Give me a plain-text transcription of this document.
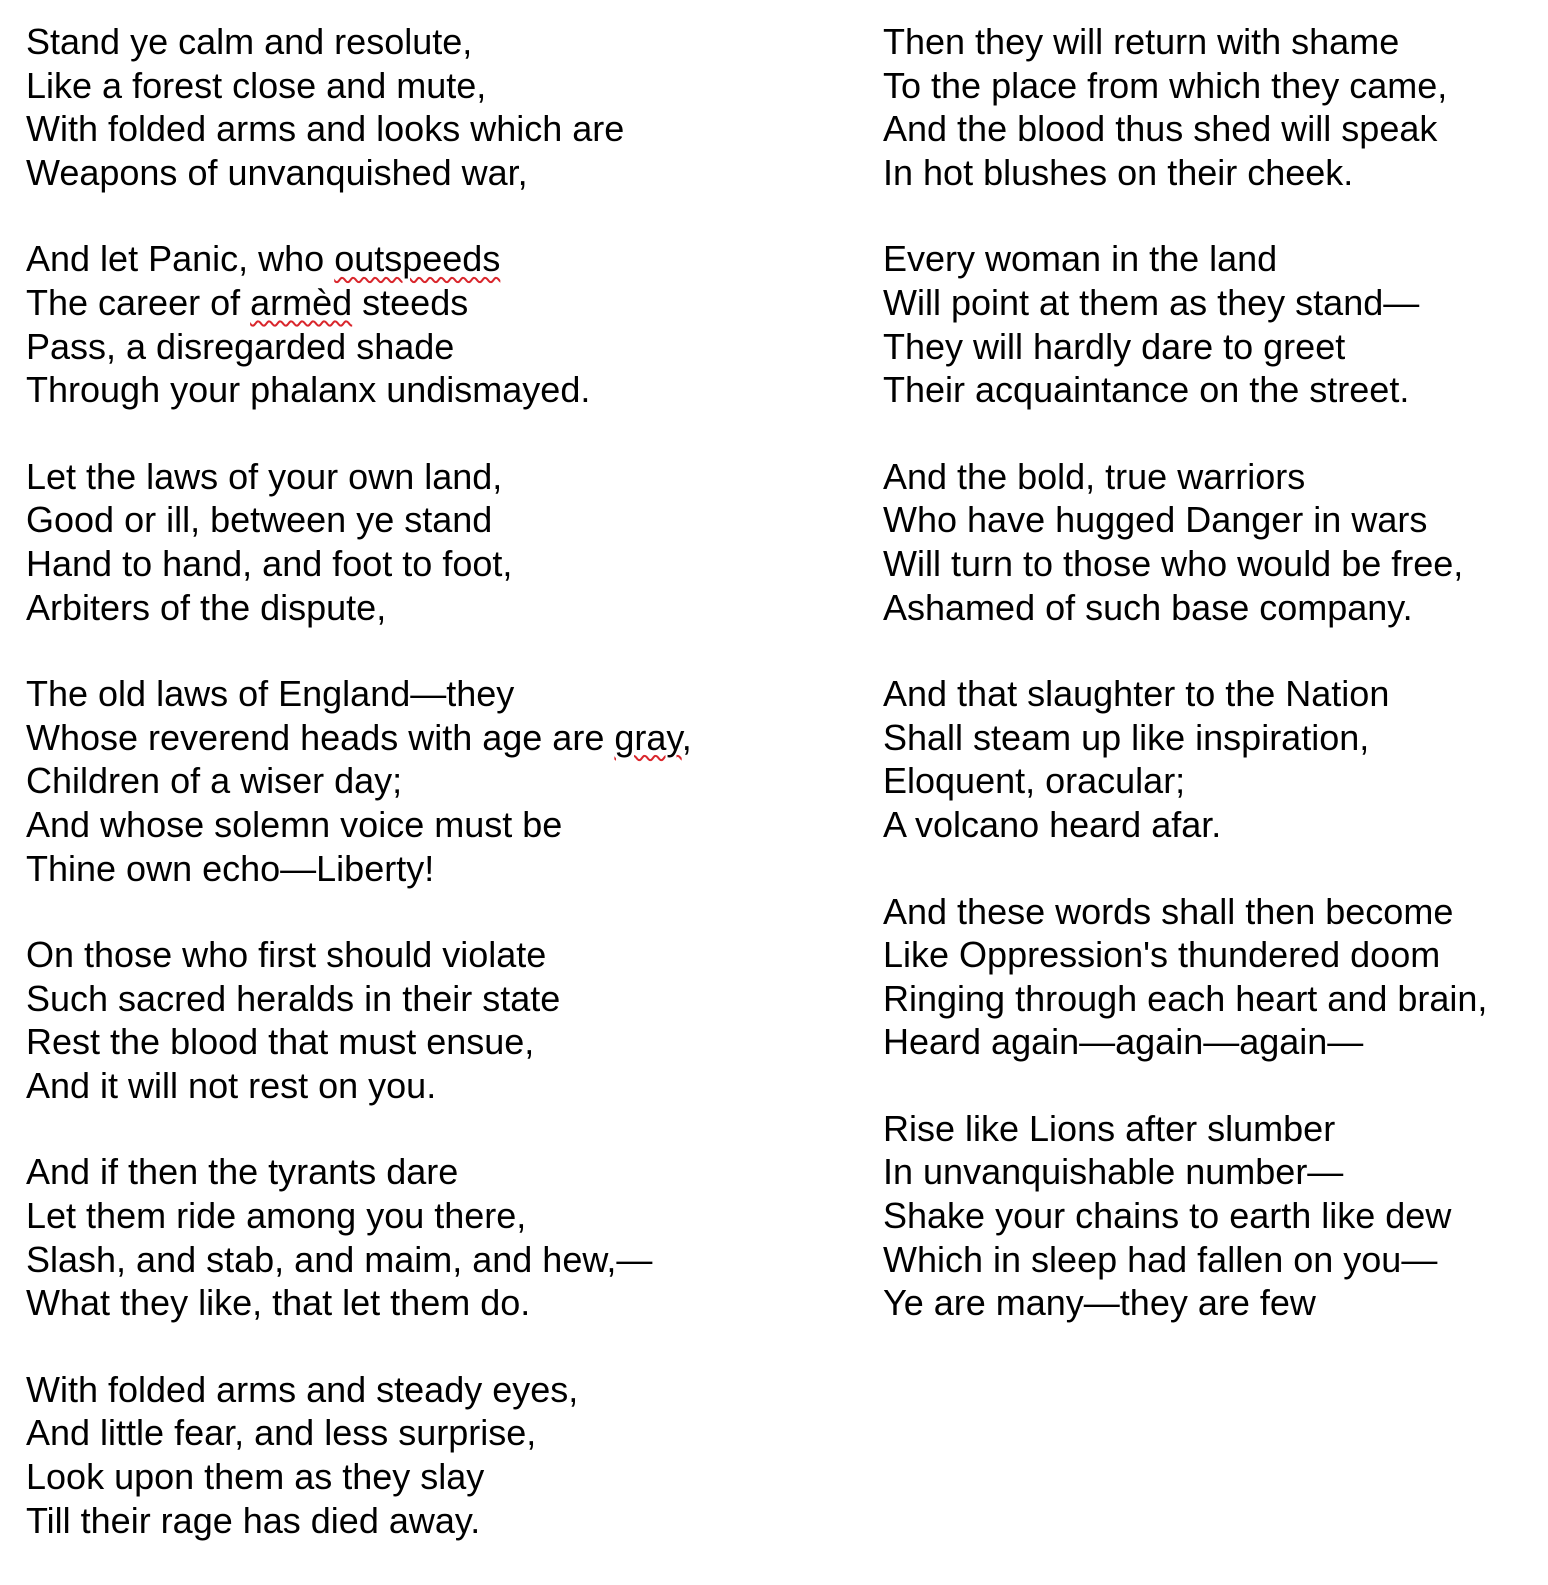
Stand ye calm and resolute,
Like a forest close and mute,
With folded arms and looks which are
Weapons of unvanquished war,
And let Panic, who outspeeds
The career of armèd steeds
Pass, a disregarded shade
Through your phalanx undismayed.
Let the laws of your own land,
Good or ill, between ye stand
Hand to hand, and foot to foot,
Arbiters of the dispute,
The old laws of England—they
Whose reverend heads with age are gray,
Children of a wiser day;
And whose solemn voice must be
Thine own echo—Liberty!
On those who first should violate
Such sacred heralds in their state
Rest the blood that must ensue,
And it will not rest on you.
And if then the tyrants dare
Let them ride among you there,
Slash, and stab, and maim, and hew,—
What they like, that let them do.
With folded arms and steady eyes,
And little fear, and less surprise,
Look upon them as they slay
Till their rage has died away.
Then they will return with shame
To the place from which they came,
And the blood thus shed will speak
In hot blushes on their cheek.
Every woman in the land
Will point at them as they stand—
They will hardly dare to greet
Their acquaintance on the street.
And the bold, true warriors
Who have hugged Danger in wars
Will turn to those who would be free,
Ashamed of such base company.
And that slaughter to the Nation
Shall steam up like inspiration,
Eloquent, oracular;
A volcano heard afar.
And these words shall then become
Like Oppression's thundered doom
Ringing through each heart and brain,
Heard again—again—again—
Rise like Lions after slumber
In unvanquishable number—
Shake your chains to earth like dew
Which in sleep had fallen on you—
Ye are many—they are few
